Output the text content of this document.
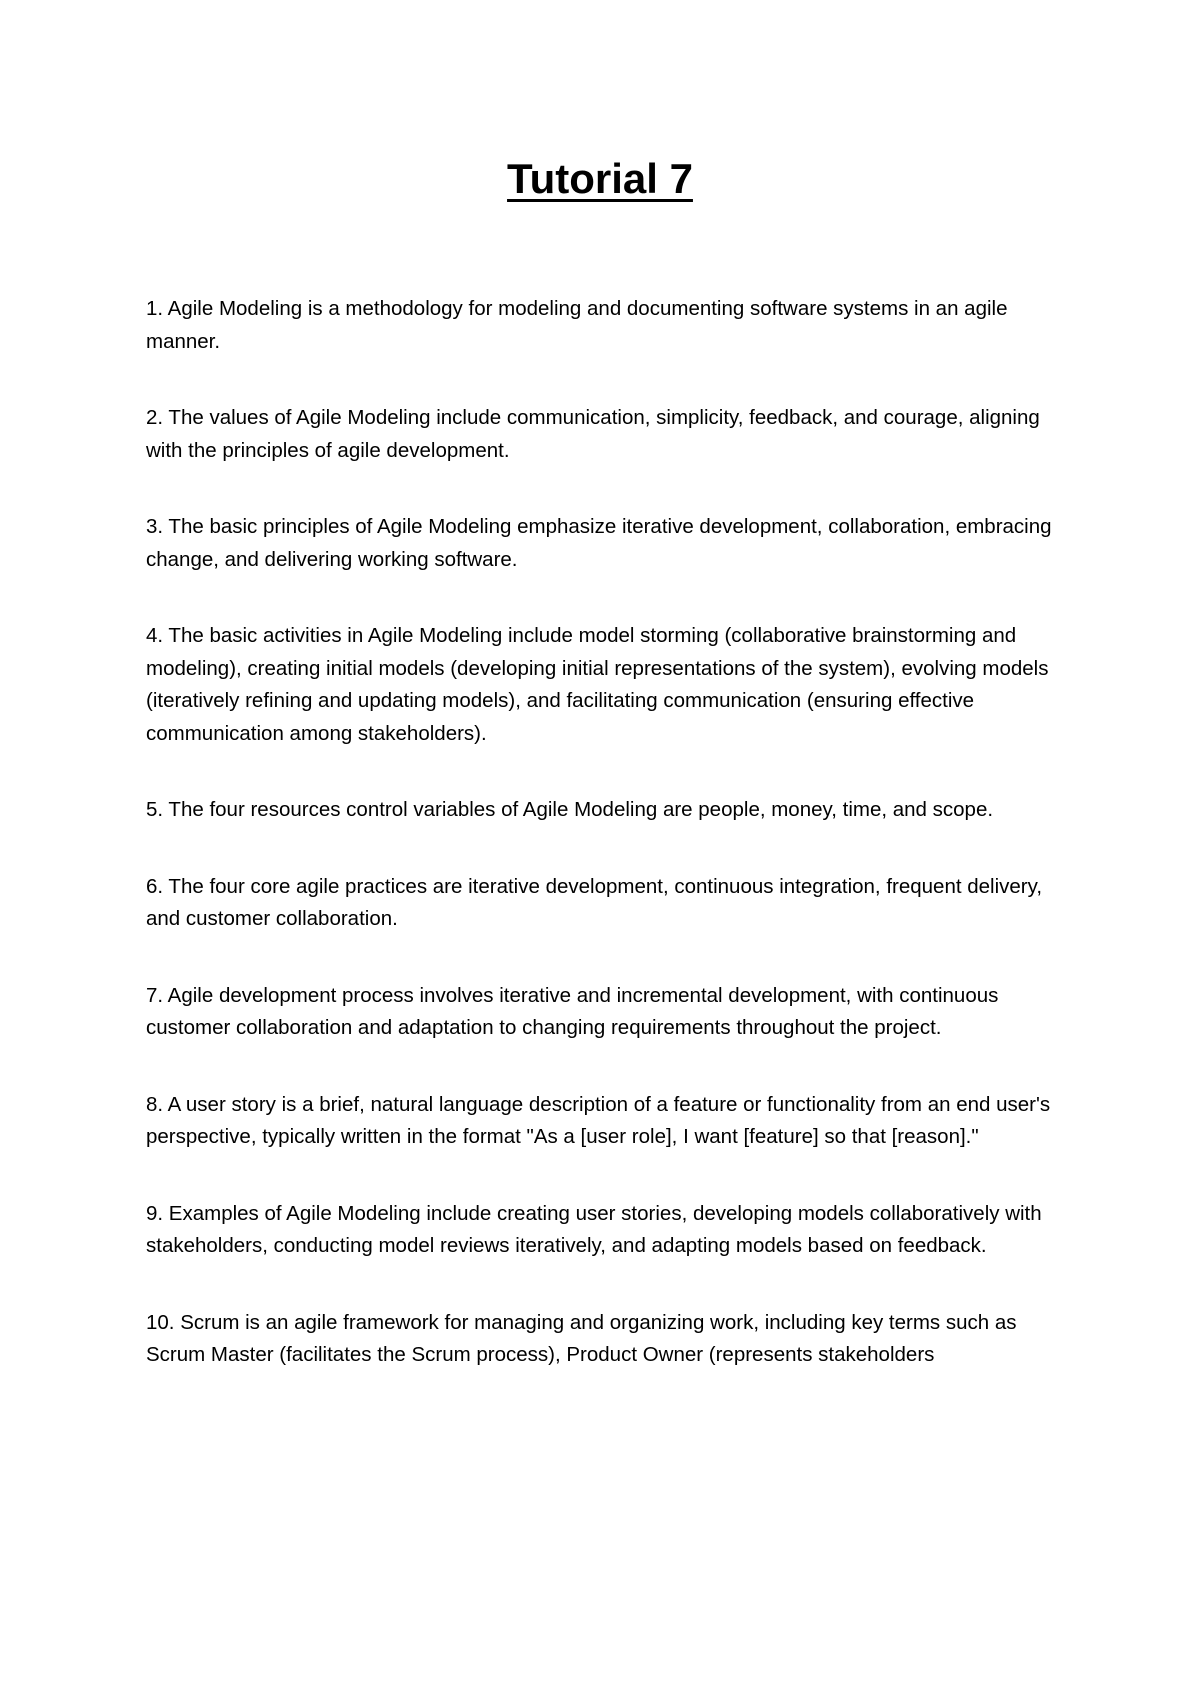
Tutorial 7
1. Agile Modeling is a methodology for modeling and documenting software systems in an agile manner.
2. The values of Agile Modeling include communication, simplicity, feedback, and courage, aligning with the principles of agile development.
3. The basic principles of Agile Modeling emphasize iterative development, collaboration, embracing change, and delivering working software.
4. The basic activities in Agile Modeling include model storming (collaborative brainstorming and modeling), creating initial models (developing initial representations of the system), evolving models (iteratively refining and updating models), and facilitating communication (ensuring effective communication among stakeholders).
5. The four resources control variables of Agile Modeling are people, money, time, and scope.
6. The four core agile practices are iterative development, continuous integration, frequent delivery, and customer collaboration.
7. Agile development process involves iterative and incremental development, with continuous customer collaboration and adaptation to changing requirements throughout the project.
8. A user story is a brief, natural language description of a feature or functionality from an end user's perspective, typically written in the format "As a [user role], I want [feature] so that [reason]."
9. Examples of Agile Modeling include creating user stories, developing models collaboratively with stakeholders, conducting model reviews iteratively, and adapting models based on feedback.
10. Scrum is an agile framework for managing and organizing work, including key terms such as Scrum Master (facilitates the Scrum process), Product Owner (represents stakeholders
